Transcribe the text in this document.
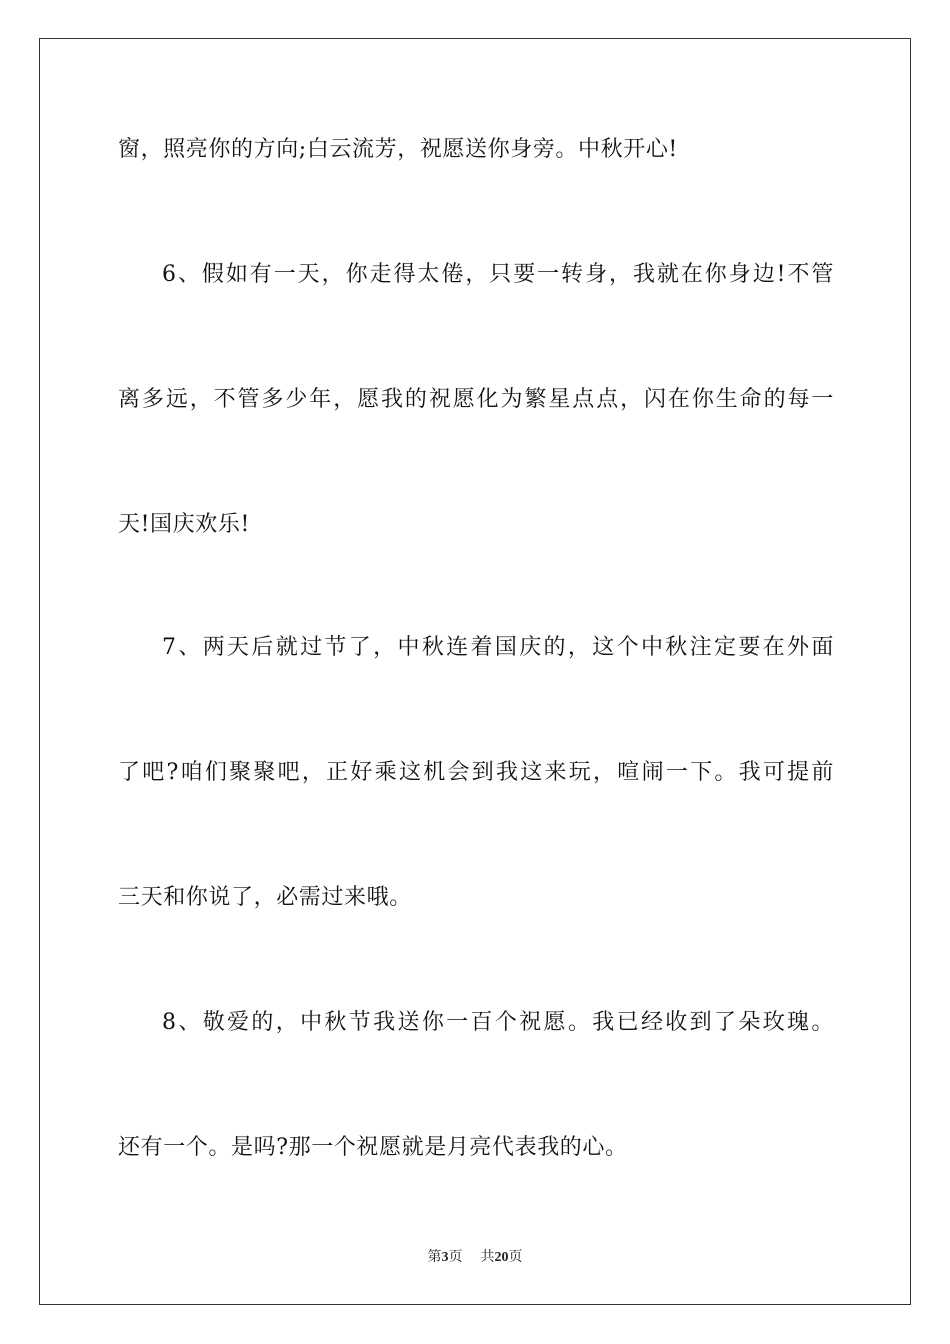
窗，照亮你的方向;白云流芳，祝愿送你身旁。中秋开心!
6、假如有一天，你走得太倦，只要一转身，我就在你身边!不管
离多远，不管多少年，愿我的祝愿化为繁星点点，闪在你生命的每一
天!国庆欢乐!
7、两天后就过节了，中秋连着国庆的，这个中秋注定要在外面
了吧?咱们聚聚吧，正好乘这机会到我这来玩，喧闹一下。我可提前
三天和你说了，必需过来哦。
8、敬爱的，中秋节我送你一百个祝愿。我已经收到了朵玫瑰。
还有一个。是吗?那一个祝愿就是月亮代表我的心。
第3页 共20页
